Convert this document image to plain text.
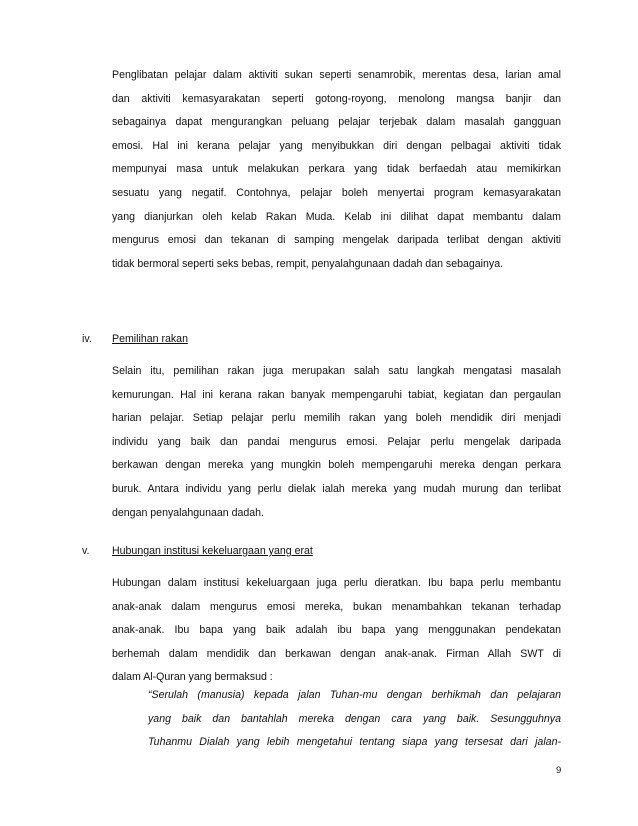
Penglibatan pelajar dalam aktiviti sukan seperti senamrobik, merentas desa, larian amal
dan aktiviti kemasyarakatan seperti gotong-royong, menolong mangsa banjir dan
sebagainya dapat mengurangkan peluang pelajar terjebak dalam masalah gangguan
emosi. Hal ini kerana pelajar yang menyibukkan diri dengan pelbagai aktiviti tidak
mempunyai masa untuk melakukan perkara yang tidak berfaedah atau memikirkan
sesuatu yang negatif. Contohnya, pelajar boleh menyertai program kemasyarakatan
yang dianjurkan oleh kelab Rakan Muda. Kelab ini dilihat dapat membantu dalam
mengurus emosi dan tekanan di samping mengelak daripada terlibat dengan aktiviti
tidak bermoral seperti seks bebas, rempit, penyalahgunaan dadah dan sebagainya.
iv. Pemilihan rakan
Selain itu, pemilihan rakan juga merupakan salah satu langkah mengatasi masalah
kemurungan. Hal ini kerana rakan banyak mempengaruhi tabiat, kegiatan dan pergaulan
harian pelajar. Setiap pelajar perlu memilih rakan yang boleh mendidik diri menjadi
individu yang baik dan pandai mengurus emosi. Pelajar perlu mengelak daripada
berkawan dengan mereka yang mungkin boleh mempengaruhi mereka dengan perkara
buruk. Antara individu yang perlu dielak ialah mereka yang mudah murung dan terlibat
dengan penyalahgunaan dadah.
v. Hubungan institusi kekeluargaan yang erat
Hubungan dalam institusi kekeluargaan juga perlu dieratkan. Ibu bapa perlu membantu
anak-anak dalam mengurus emosi mereka, bukan menambahkan tekanan terhadap
anak-anak. Ibu bapa yang baik adalah ibu bapa yang menggunakan pendekatan
berhemah dalam mendidik dan berkawan dengan anak-anak. Firman Allah SWT di
dalam Al-Quran yang bermaksud :
“Serulah (manusia) kepada jalan Tuhan-mu dengan berhikmah dan pelajaran
yang baik dan bantahlah mereka dengan cara yang baik. Sesungguhnya
Tuhanmu Dialah yang lebih mengetahui tentang siapa yang tersesat dari jalan-
9
